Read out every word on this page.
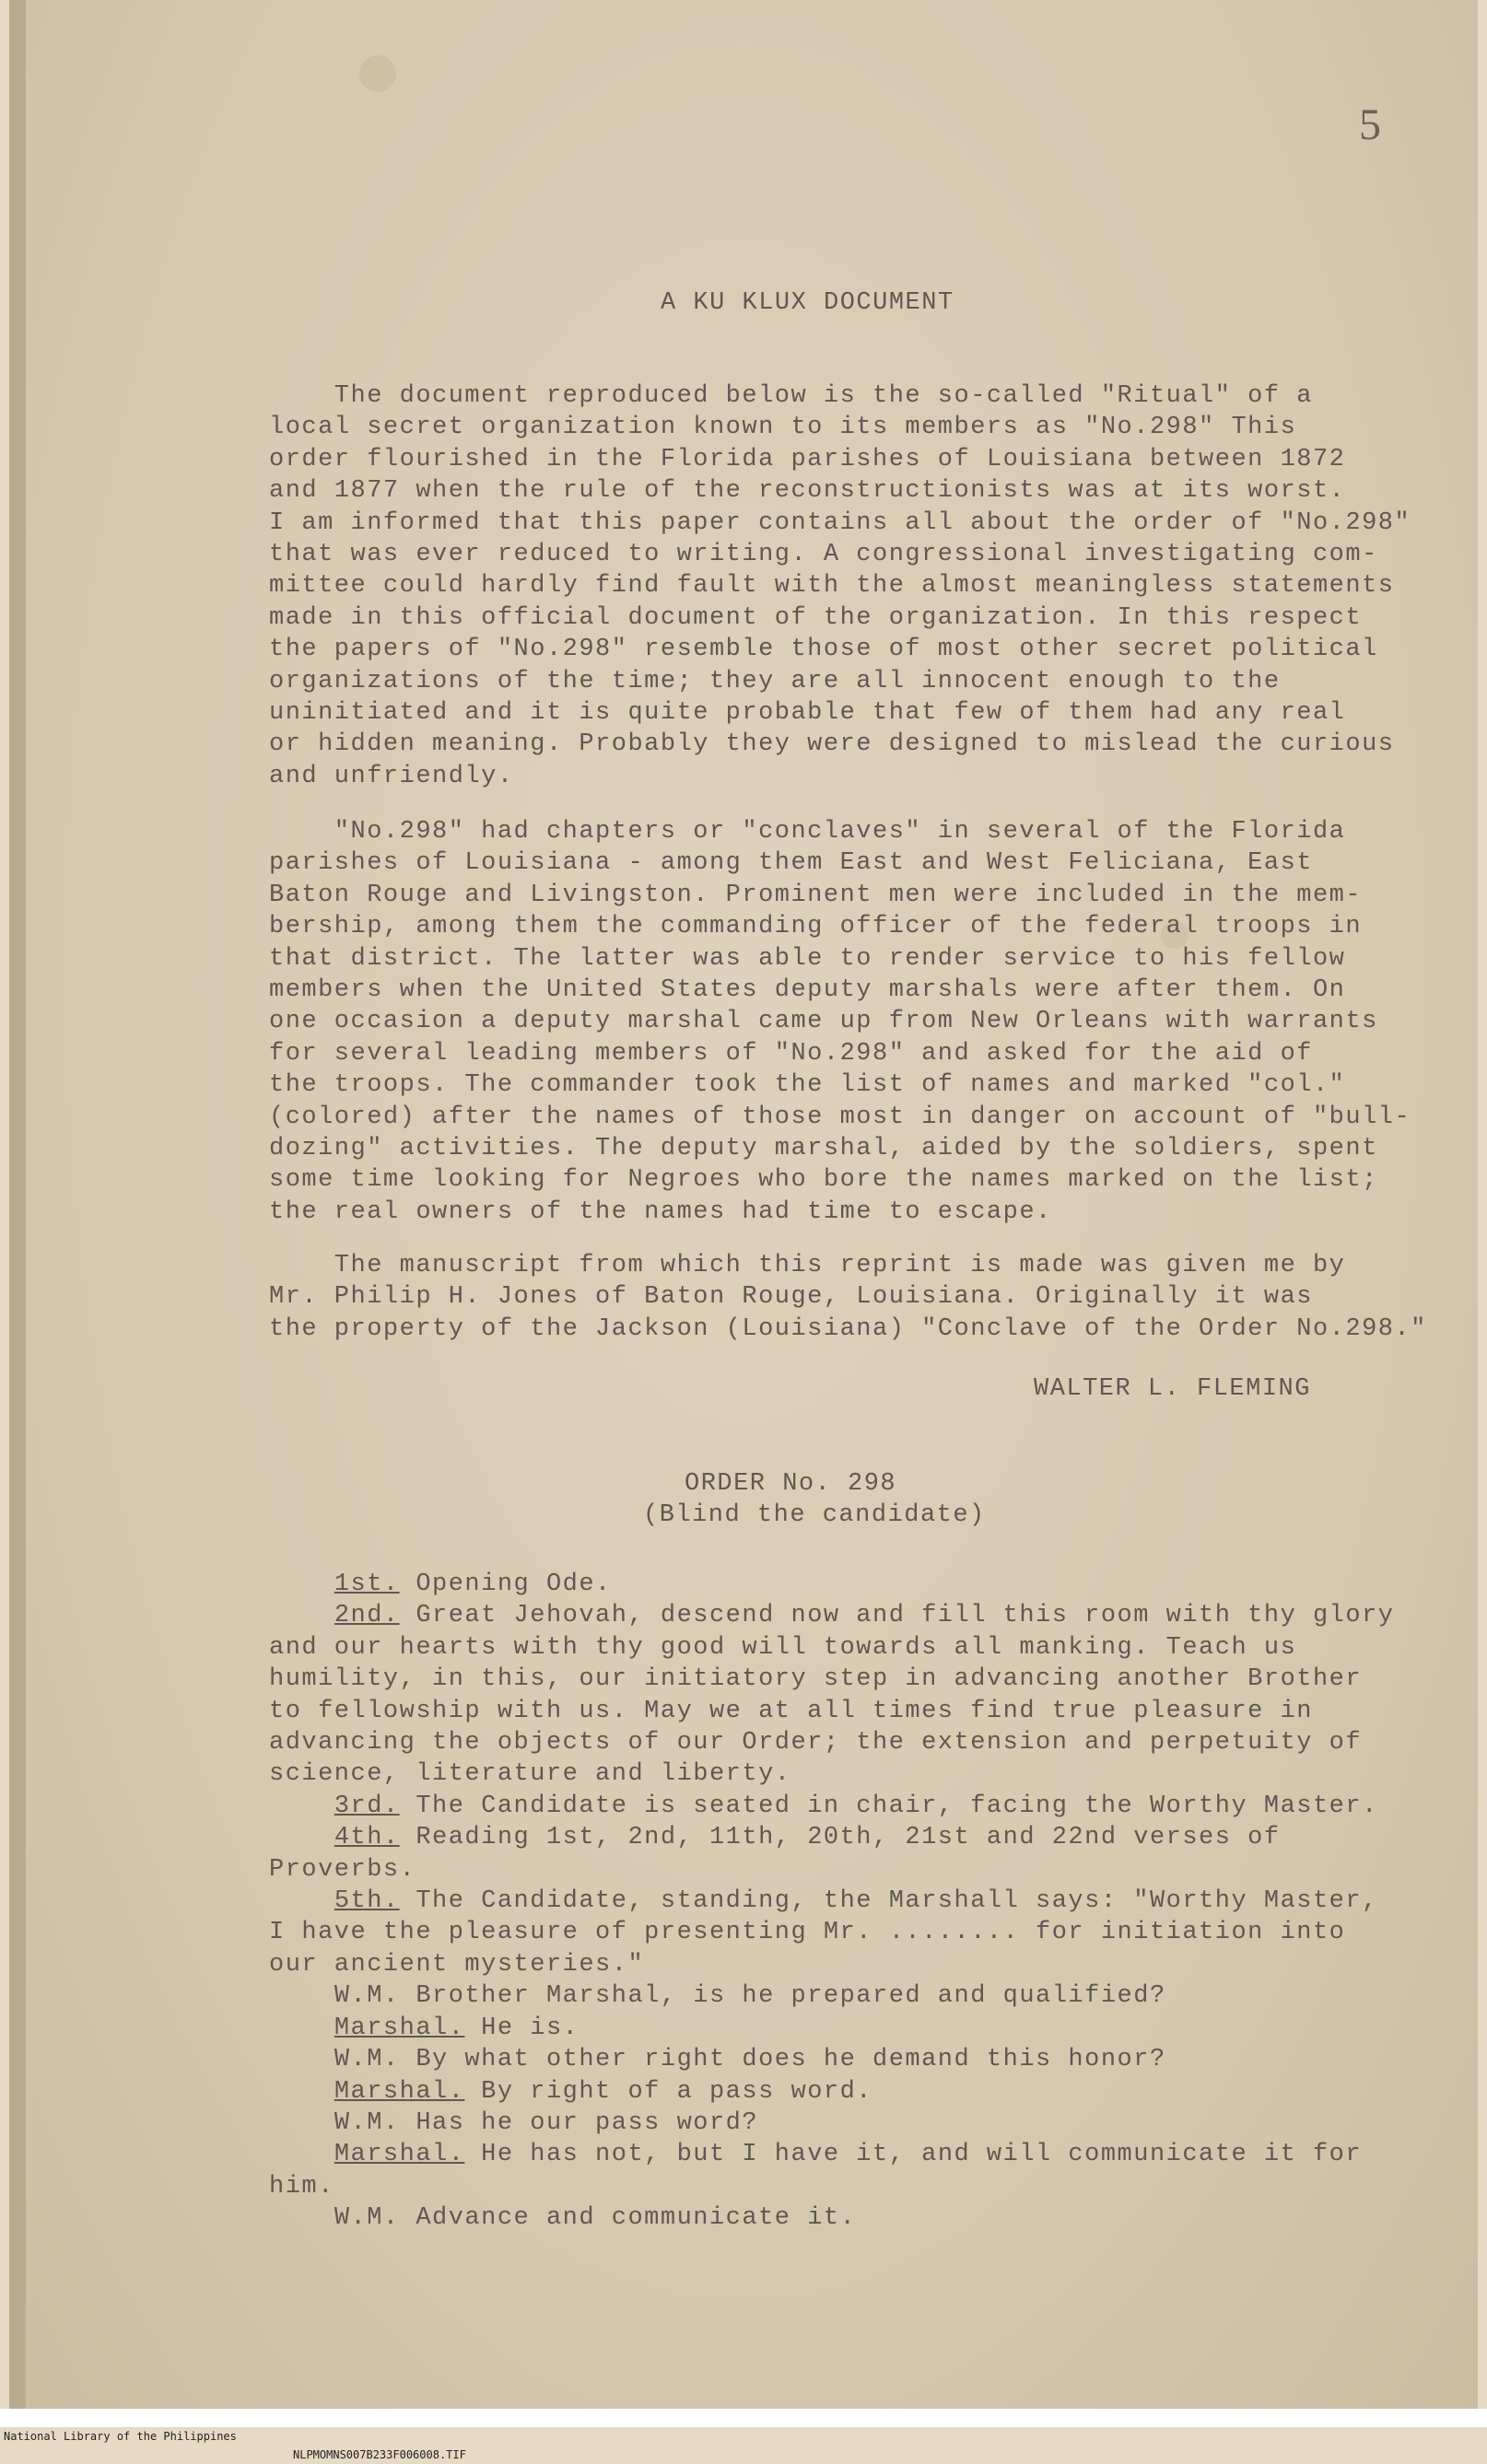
5
A KU KLUX DOCUMENT
The document reproduced below is the so-called "Ritual" of a
local secret organization known to its members as "No.298" This
order flourished in the Florida parishes of Louisiana between 1872
and 1877 when the rule of the reconstructionists was at its worst.
I am informed that this paper contains all about the order of "No.298"
that was ever reduced to writing. A congressional investigating com-
mittee could hardly find fault with the almost meaningless statements
made in this official document of the organization. In this respect
the papers of "No.298" resemble those of most other secret political
organizations of the time; they are all innocent enough to the
uninitiated and it is quite probable that few of them had any real
or hidden meaning. Probably they were designed to mislead the curious
and unfriendly.
"No.298" had chapters or "conclaves" in several of the Florida
parishes of Louisiana - among them East and West Feliciana, East
Baton Rouge and Livingston. Prominent men were included in the mem-
bership, among them the commanding officer of the federal troops in
that district. The latter was able to render service to his fellow
members when the United States deputy marshals were after them. On
one occasion a deputy marshal came up from New Orleans with warrants
for several leading members of "No.298" and asked for the aid of
the troops. The commander took the list of names and marked "col."
(colored) after the names of those most in danger on account of "bull-
dozing" activities. The deputy marshal, aided by the soldiers, spent
some time looking for Negroes who bore the names marked on the list;
the real owners of the names had time to escape.
The manuscript from which this reprint is made was given me by
Mr. Philip H. Jones of Baton Rouge, Louisiana. Originally it was
the property of the Jackson (Louisiana) "Conclave of the Order No.298."
WALTER L. FLEMING
ORDER No. 298
(Blind the candidate)
1st. Opening Ode.
2nd. Great Jehovah, descend now and fill this room with thy glory
and our hearts with thy good will towards all manking. Teach us
humility, in this, our initiatory step in advancing another Brother
to fellowship with us. May we at all times find true pleasure in
advancing the objects of our Order; the extension and perpetuity of
science, literature and liberty.
3rd. The Candidate is seated in chair, facing the Worthy Master.
4th. Reading 1st, 2nd, 11th, 20th, 21st and 22nd verses of
Proverbs.
5th. The Candidate, standing, the Marshall says: "Worthy Master,
I have the pleasure of presenting Mr. ........ for initiation into
our ancient mysteries."
W.M. Brother Marshal, is he prepared and qualified?
Marshal. He is.
W.M. By what other right does he demand this honor?
Marshal. By right of a pass word.
W.M. Has he our pass word?
Marshal. He has not, but I have it, and will communicate it for
him.
W.M. Advance and communicate it.

National Library of the Philippines

NLPMOMNS007B233F006008.TIF
